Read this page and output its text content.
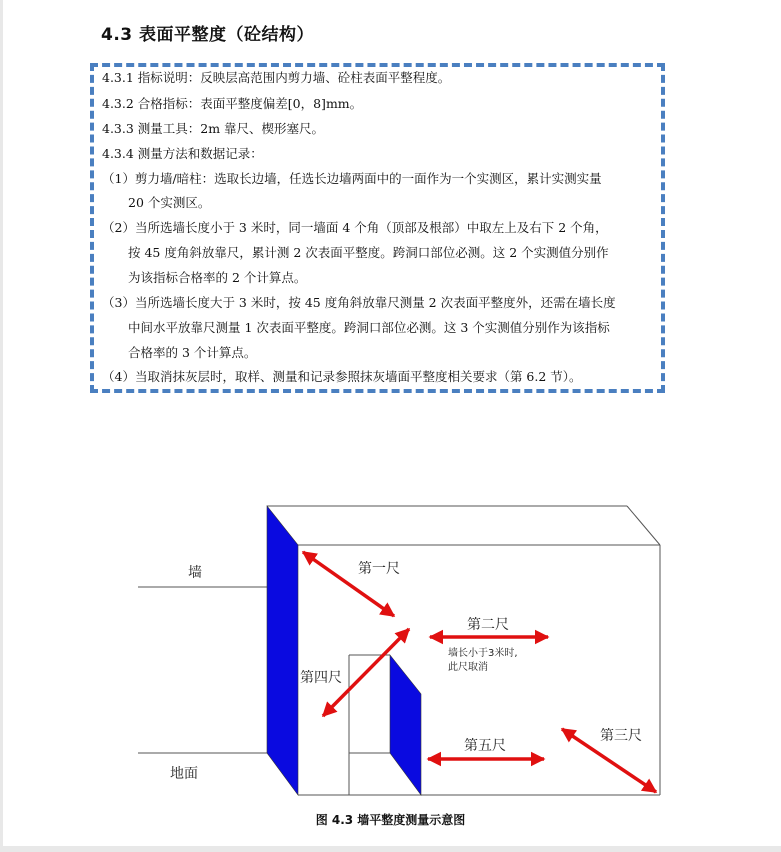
4.3 表面平整度（砼结构）
4.3.1 指标说明：反映层高范围内剪力墙、砼柱表面平整程度。
4.3.2 合格指标：表面平整度偏差[0，8]mm。
4.3.3 测量工具：2m 靠尺、楔形塞尺。
4.3.4 测量方法和数据记录：
（1）剪力墙/暗柱：选取长边墙，任选长边墙两面中的一面作为一个实测区，累计实测实量
20 个实测区。
（2）当所选墙长度小于 3 米时，同一墙面 4 个角（顶部及根部）中取左上及右下 2 个角，
按 45 度角斜放靠尺，累计测 2 次表面平整度。跨洞口部位必测。这 2 个实测值分别作
为该指标合格率的 2 个计算点。
（3）当所选墙长度大于 3 米时，按 45 度角斜放靠尺测量 2 次表面平整度外，还需在墙长度
中间水平放靠尺测量 1 次表面平整度。跨洞口部位必测。这 3 个实测值分别作为该指标
合格率的 3 个计算点。
（4）当取消抹灰层时，取样、测量和记录参照抹灰墙面平整度相关要求（第 6.2 节）。
墙
地面
第一尺
第二尺
第三尺
第四尺
第五尺
墙长小于3米时,
此尺取消
图 4.3 墙平整度测量示意图
